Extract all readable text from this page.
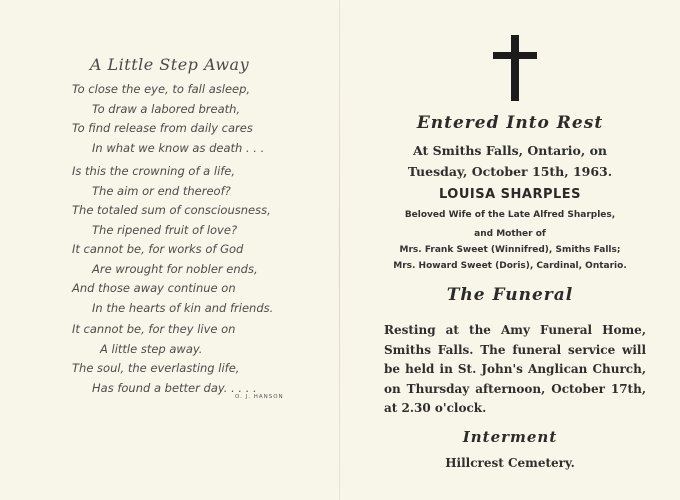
A Little Step Away
To close the eye, to fall asleep,
To draw a labored breath,
To find release from daily cares
In what we know as death . . .
Is this the crowning of a life,
The aim or end thereof?
The totaled sum of consciousness,
The ripened fruit of love?
It cannot be, for works of God
Are wrought for nobler ends,
And those away continue on
In the hearts of kin and friends.
It cannot be, for they live on
A little step away.
The soul, the everlasting life,
Has found a better day. . . . .
O. J. HANSON
Entered Into Rest
At Smiths Falls, Ontario, on
Tuesday, October 15th, 1963.
LOUISA SHARPLES
Beloved Wife of the Late Alfred Sharples,
and Mother of
Mrs. Frank Sweet (Winnifred), Smiths Falls;
Mrs. Howard Sweet (Doris), Cardinal, Ontario.
The Funeral
Resting at the Amy Funeral Home, Smiths Falls. The funeral service will be held in St. John's Anglican Church, on Thursday afternoon, October 17th, at 2.30 o'clock.
Interment
Hillcrest Cemetery.
